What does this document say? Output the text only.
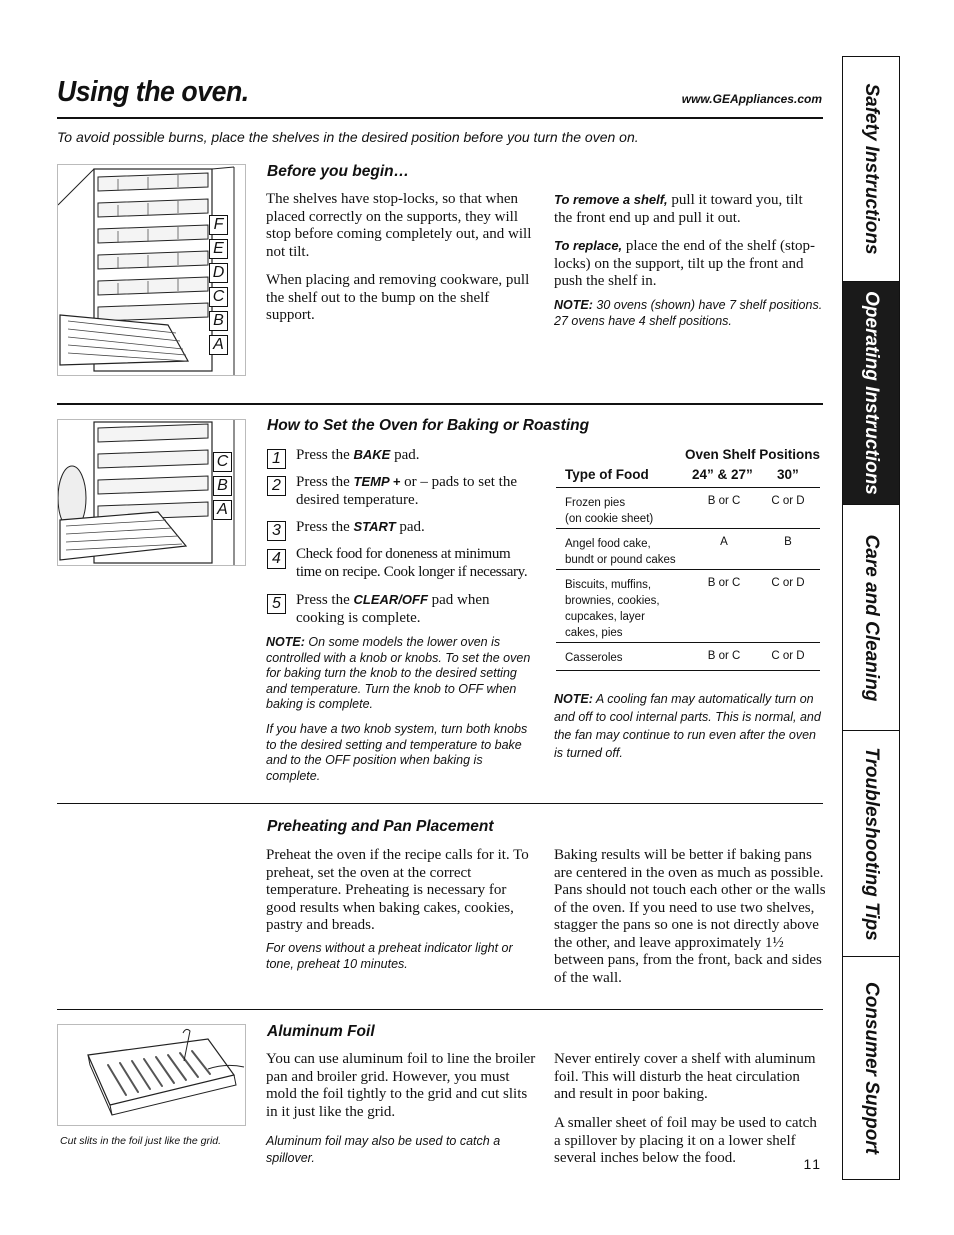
Using the oven.	www.GEAppliances.com
To avoid possible burns, place the shelves in the desired position before you turn the oven on.
F
E
D
C
B
A
Before you begin…
The shelves have stop-locks, so that when placed correctly on the supports, they will stop before coming completely out, and will not tilt.
When placing and removing cookware, pull the shelf out to the bump on the shelf support.
To remove a shelf, pull it toward you, tilt the front end up and pull it out.
To replace, place the end of the shelf (stop-locks) on the support, tilt up the front and push the shelf in.
NOTE: 30 ovens (shown) have 7 shelf positions. 27 ovens have 4 shelf positions.
C
B
A
How to Set the Oven for Baking or Roasting
1	Press the BAKE pad.
2	Press the TEMP + or – pads to set the desired temperature.
3	Press the START pad.
4	Check food for doneness at minimum time on recipe. Cook longer if necessary.
5	Press the CLEAR/OFF pad when cooking is complete.
NOTE: On some models the lower oven is controlled with a knob or knobs. To set the oven for baking turn the knob to the desired setting and temperature. Turn the knob to OFF when baking is complete.
If you have a two knob system, turn both knobs to the desired setting and temperature to bake and to the OFF position when baking is complete.
Oven Shelf Positions
Type of Food	24” & 27” 30”
Frozen pies
(on cookie sheet)
B or C	C or D
Angel food cake,
bundt or pound cakes
A	B
Biscuits, muffins,
brownies, cookies,
cupcakes, layer
cakes, pies
B or C	C or D
Casseroles	B or C	C or D
NOTE: A cooling fan may automatically turn on and off to cool internal parts. This is normal, and the fan may continue to run even after the oven is turned off.
Preheating and Pan Placement
Preheat the oven if the recipe calls for it. To preheat, set the oven at the correct temperature. Preheating is necessary for good results when baking cakes, cookies, pastry and breads.
For ovens without a preheat indicator light or tone, preheat 10 minutes.
Baking results will be better if baking pans are centered in the oven as much as possible. Pans should not touch each other or the walls of the oven. If you need to use two shelves, stagger the pans so one is not directly above the other, and leave approximately 1½ between pans, from the front, back and sides of the wall.
Cut slits in the foil just like the grid.
Aluminum Foil
You can use aluminum foil to line the broiler pan and broiler grid. However, you must mold the foil tightly to the grid and cut slits in it just like the grid.
Aluminum foil may also be used to catch a spillover.
Never entirely cover a shelf with aluminum foil. This will disturb the heat circulation and result in poor baking.
A smaller sheet of foil may be used to catch a spillover by placing it on a lower shelf several inches below the food.	11
Safety Instructions
Operating Instructions
Care and Cleaning
Troubleshooting Tips
Consumer Support
